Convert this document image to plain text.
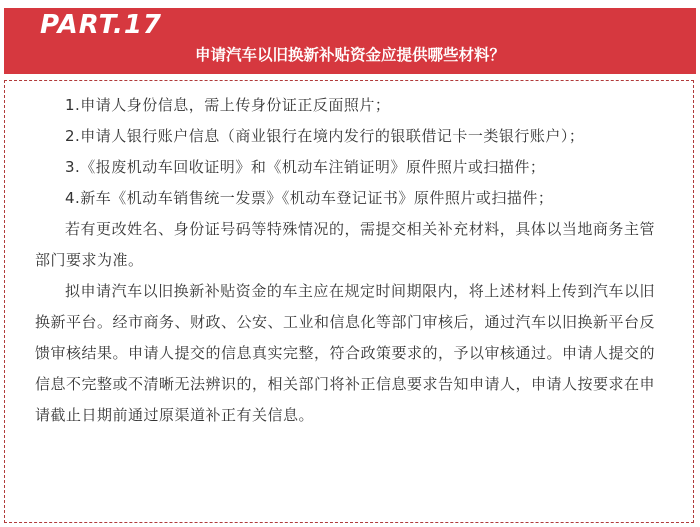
PART.17
申请汽车以旧换新补贴资金应提供哪些材料？

1.申请人身份信息，需上传身份证正反面照片；

2.申请人银行账户信息（商业银行在境内发行的银联借记卡一类银行账户）；

3.《报废机动车回收证明》和《机动车注销证明》原件照片或扫描件；

4.新车《机动车销售统一发票》《机动车登记证书》原件照片或扫描件；

若有更改姓名、身份证号码等特殊情况的，需提交相关补充材料，具体以当地商务主管部门要求为准。

拟申请汽车以旧换新补贴资金的车主应在规定时间期限内，将上述材料上传到汽车以旧换新平台。经市商务、财政、公安、工业和信息化等部门审核后，通过汽车以旧换新平台反馈审核结果。申请人提交的信息真实完整，符合政策要求的，予以审核通过。申请人提交的信息不完整或不清晰无法辨识的，相关部门将补正信息要求告知申请人，申请人按要求在申请截止日期前通过原渠道补正有关信息。
